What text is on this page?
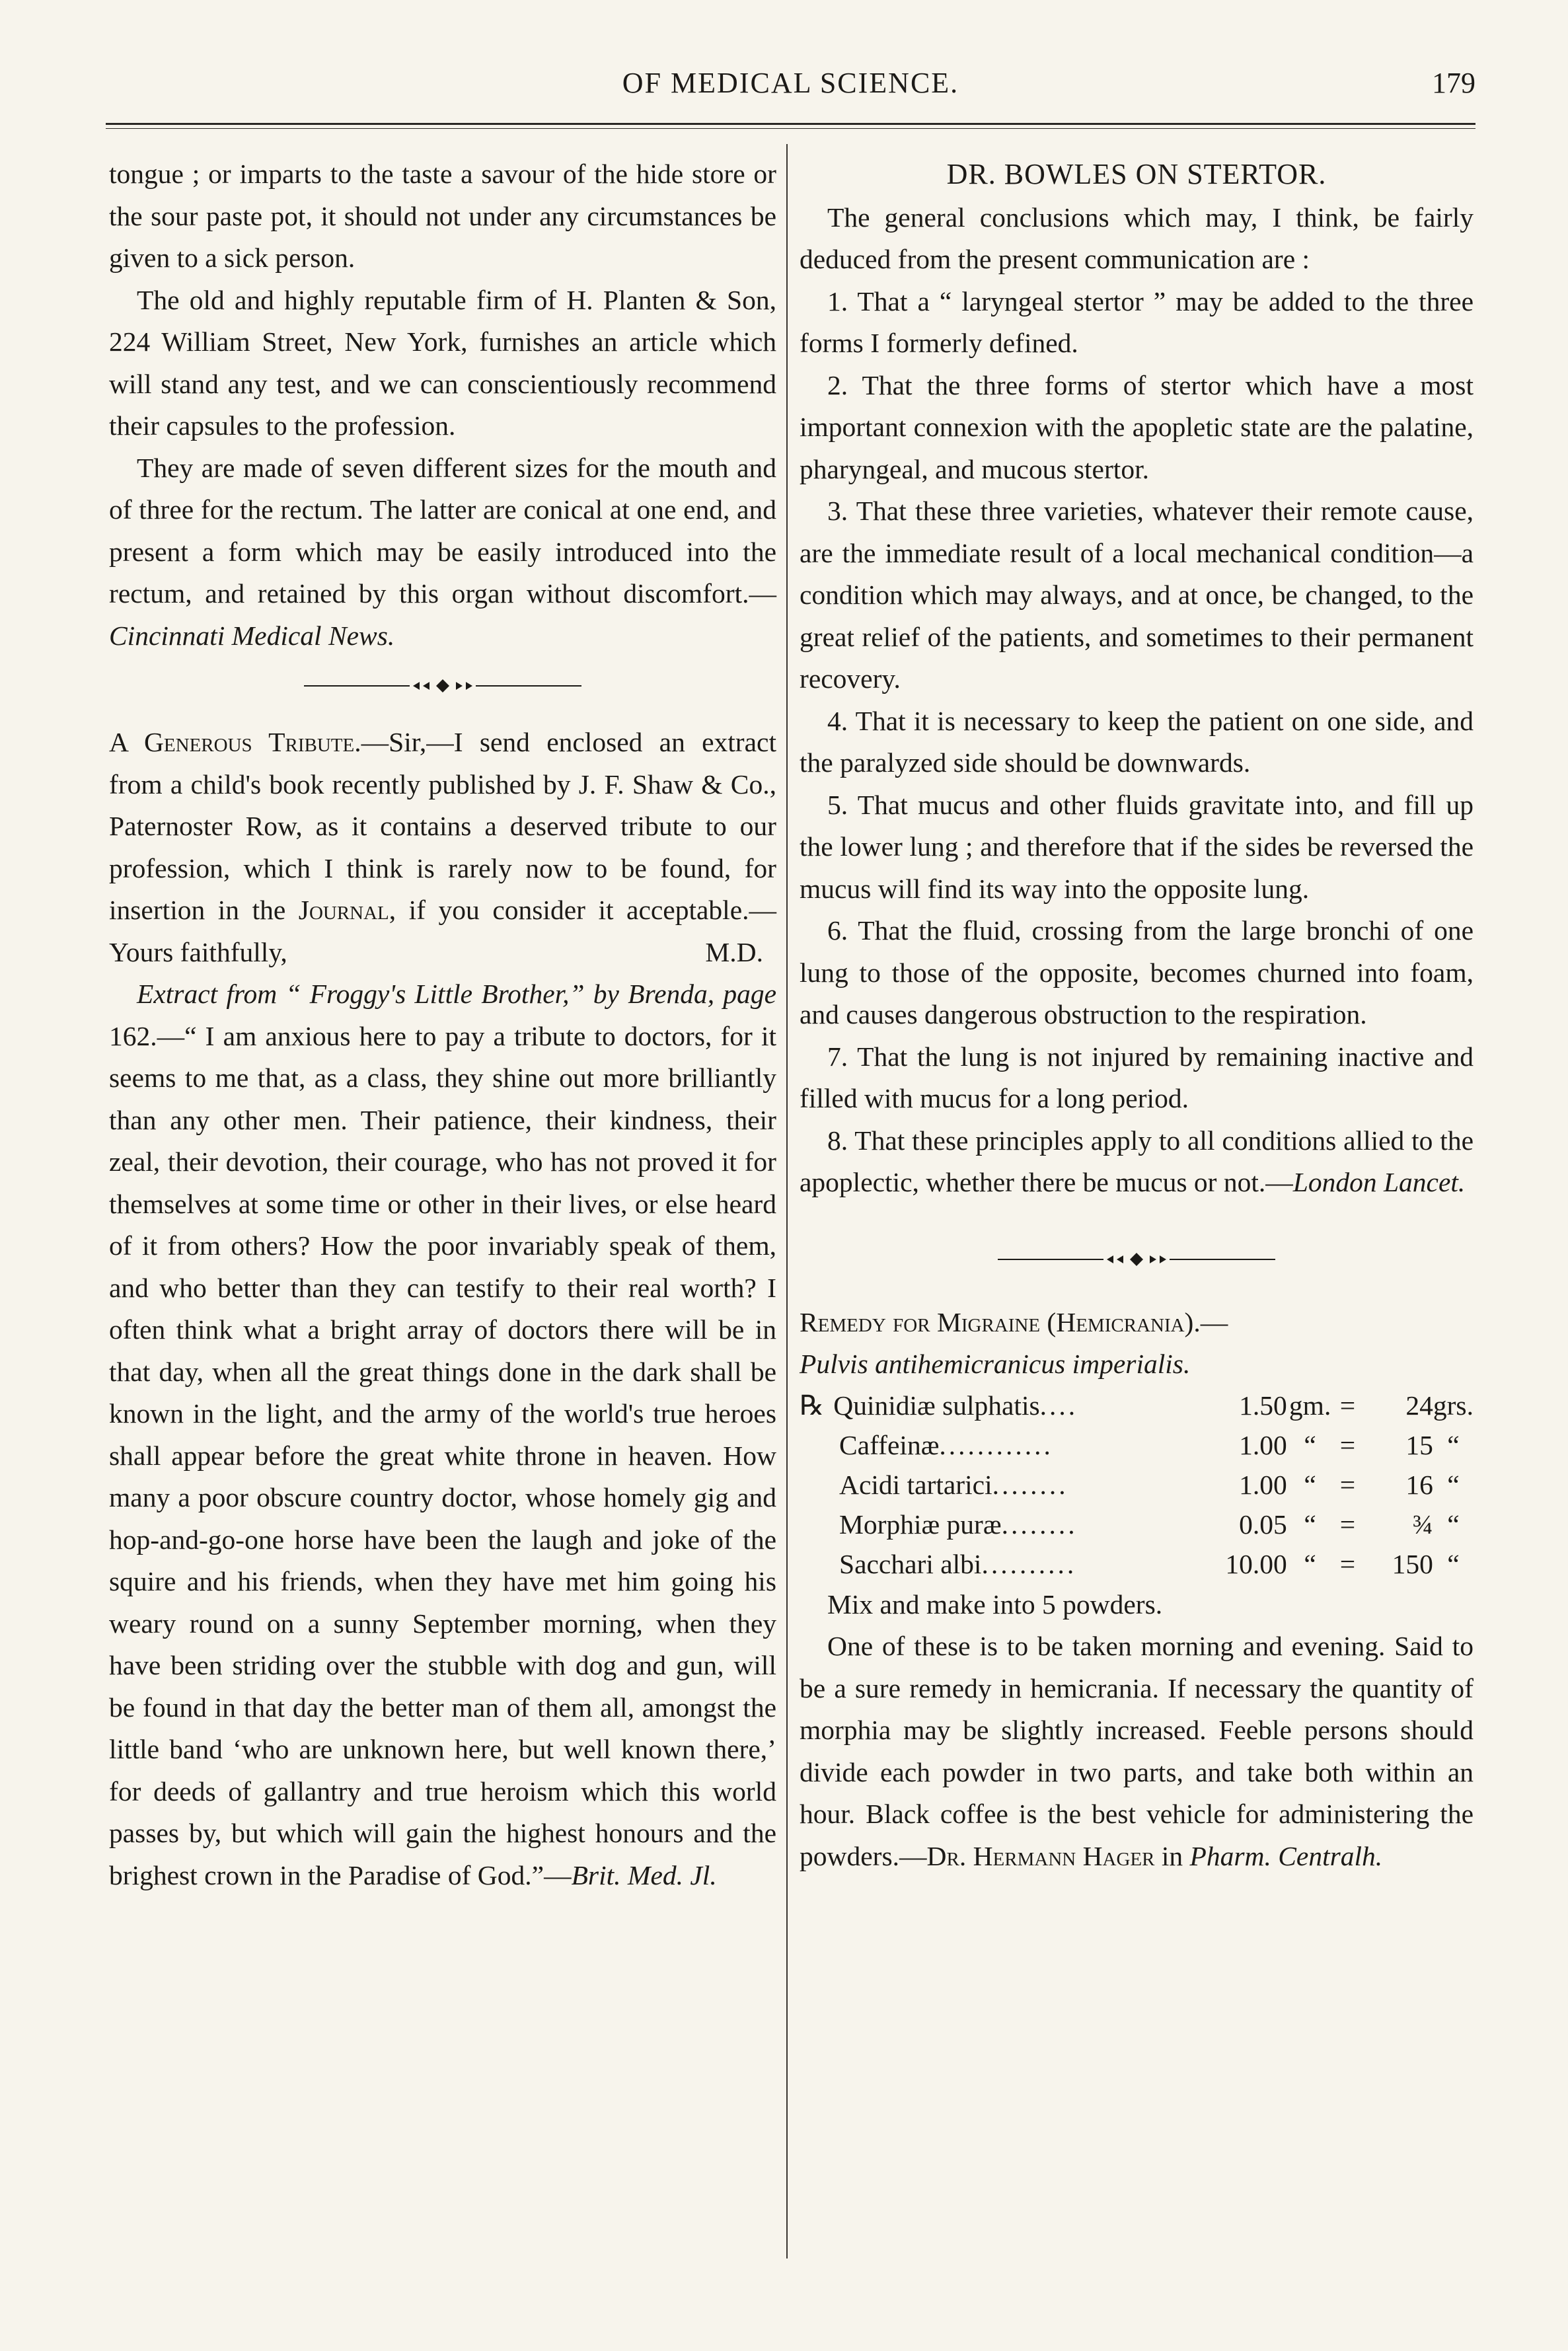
OF MEDICAL SCIENCE.	179

tongue ; or imparts to the taste a savour of the hide store or the sour paste pot, it should not under any circumstances be given to a sick person.

The old and highly reputable firm of H. Planten & Son, 224 William Street, New York, furnishes an article which will stand any test, and we can conscientiously recommend their capsules to the profession.

They are made of seven different sizes for the mouth and of three for the rectum. The latter are conical at one end, and present a form which may be easily introduced into the rectum, and retained by this organ without discomfort.—Cincinnati Medical News.

A Generous Tribute.—Sir,—I send enclosed an extract from a child's book recently published by J. F. Shaw & Co., Paternoster Row, as it contains a deserved tribute to our profession, which I think is rarely now to be found, for insertion in the Journal, if you consider it acceptable.—Yours faithfully,	M.D.

Extract from “ Froggy's Little Brother,” by Brenda, page 162.—“ I am anxious here to pay a tribute to doctors, for it seems to me that, as a class, they shine out more brilliantly than any other men. Their patience, their kindness, their zeal, their devotion, their courage, who has not proved it for themselves at some time or other in their lives, or else heard of it from others? How the poor invariably speak of them, and who better than they can testify to their real worth? I often think what a bright array of doctors there will be in that day, when all the great things done in the dark shall be known in the light, and the army of the world's true heroes shall appear before the great white throne in heaven. How many a poor obscure country doctor, whose homely gig and hop-and-go-one horse have been the laugh and joke of the squire and his friends, when they have met him going his weary round on a sunny September morning, when they have been striding over the stubble with dog and gun, will be found in that day the better man of them all, amongst the little band ‘who are unknown here, but well known there,’ for deeds of gallantry and true heroism which this world passes by, but which will gain the highest honours and the brighest crown in the Paradise of God.”—Brit. Med. Jl.

DR. BOWLES ON STERTOR.

The general conclusions which may, I think, be fairly deduced from the present communication are :

1. That a “ laryngeal stertor ” may be added to the three forms I formerly defined.

2. That the three forms of stertor which have a most important connexion with the apopletic state are the palatine, pharyngeal, and mucous stertor.

3. That these three varieties, whatever their remote cause, are the immediate result of a local mechanical condition—a condition which may always, and at once, be changed, to the great relief of the patients, and sometimes to their permanent recovery.

4. That it is necessary to keep the patient on one side, and the paralyzed side should be downwards.

5. That mucus and other fluids gravitate into, and fill up the lower lung ; and therefore that if the sides be reversed the mucus will find its way into the opposite lung.

6. That the fluid, crossing from the large bronchi of one lung to those of the opposite, becomes churned into foam, and causes dangerous obstruction to the respiration.

7. That the lung is not injured by remaining inactive and filled with mucus for a long period.

8. That these principles apply to all conditions allied to the apoplectic, whether there be mucus or not.—London Lancet.

Remedy for Migraine (Hemicrania).—

Pulvis antihemicranicus imperialis.

℞ Quinidiæ sulphatis....	1.50	gm.	=	24	grs.
Caffeinæ............	1.00	“	=	15	“
Acidi tartarici........	1.00	“	=	16	“
Morphiæ puræ........	0.05	“	=	¾	“
Sacchari albi..........	10.00	“	=	150	“

Mix and make into 5 powders.

One of these is to be taken morning and evening. Said to be a sure remedy in hemicrania. If necessary the quantity of morphia may be slightly increased. Feeble persons should divide each powder in two parts, and take both within an hour. Black coffee is the best vehicle for administering the powders.—Dr. Hermann Hager in Pharm. Centralh.
